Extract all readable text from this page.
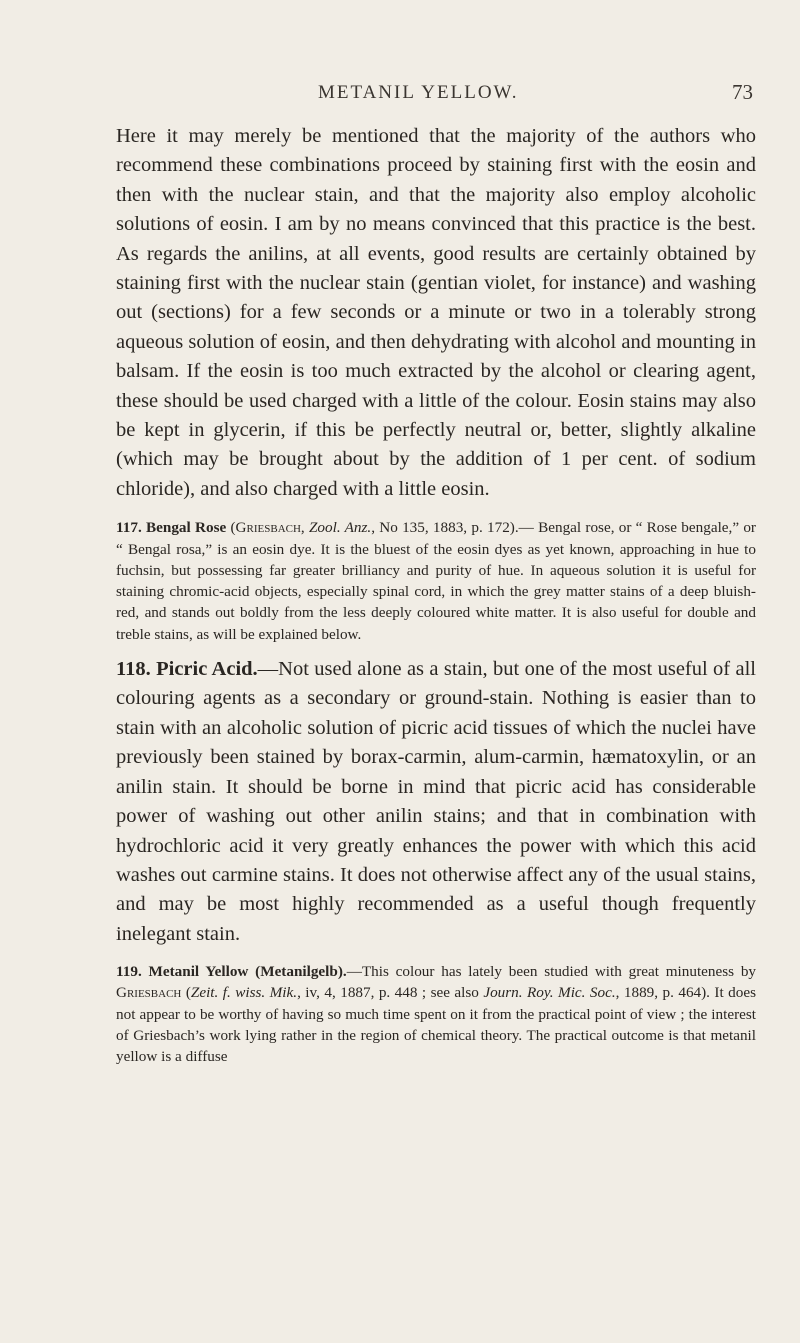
METANIL YELLOW.	73

Here it may merely be mentioned that the majority of the authors who recommend these combinations proceed by staining first with the eosin and then with the nuclear stain, and that the majority also employ alcoholic solutions of eosin. I am by no means convinced that this practice is the best. As regards the anilins, at all events, good results are certainly obtained by staining first with the nuclear stain (gentian violet, for instance) and washing out (sections) for a few seconds or a minute or two in a tolerably strong aqueous solution of eosin, and then dehydrating with alcohol and mounting in balsam. If the eosin is too much extracted by the alcohol or clearing agent, these should be used charged with a little of the colour. Eosin stains may also be kept in glycerin, if this be perfectly neutral or, better, slightly alkaline (which may be brought about by the addition of 1 per cent. of sodium chloride), and also charged with a little eosin.

117. Bengal Rose (Griesbach, Zool. Anz., No 135, 1883, p. 172).— Bengal rose, or “ Rose bengale,” or “ Bengal rosa,” is an eosin dye. It is the bluest of the eosin dyes as yet known, approaching in hue to fuchsin, but possessing far greater brilliancy and purity of hue. In aqueous solution it is useful for staining chromic-acid objects, especially spinal cord, in which the grey matter stains of a deep bluish-red, and stands out boldly from the less deeply coloured white matter. It is also useful for double and treble stains, as will be explained below.

118. Picric Acid.—Not used alone as a stain, but one of the most useful of all colouring agents as a secondary or ground-stain. Nothing is easier than to stain with an alcoholic solution of picric acid tissues of which the nuclei have previously been stained by borax-carmin, alum-carmin, hæmatoxylin, or an anilin stain. It should be borne in mind that picric acid has considerable power of washing out other anilin stains; and that in combination with hydrochloric acid it very greatly enhances the power with which this acid washes out carmine stains. It does not otherwise affect any of the usual stains, and may be most highly recommended as a useful though frequently inelegant stain.

119. Metanil Yellow (Metanilgelb).—This colour has lately been studied with great minuteness by Griesbach (Zeit. f. wiss. Mik., iv, 4, 1887, p. 448 ; see also Journ. Roy. Mic. Soc., 1889, p. 464). It does not appear to be worthy of having so much time spent on it from the practical point of view ; the interest of Griesbach’s work lying rather in the region of chemical theory. The practical outcome is that metanil yellow is a diffuse
